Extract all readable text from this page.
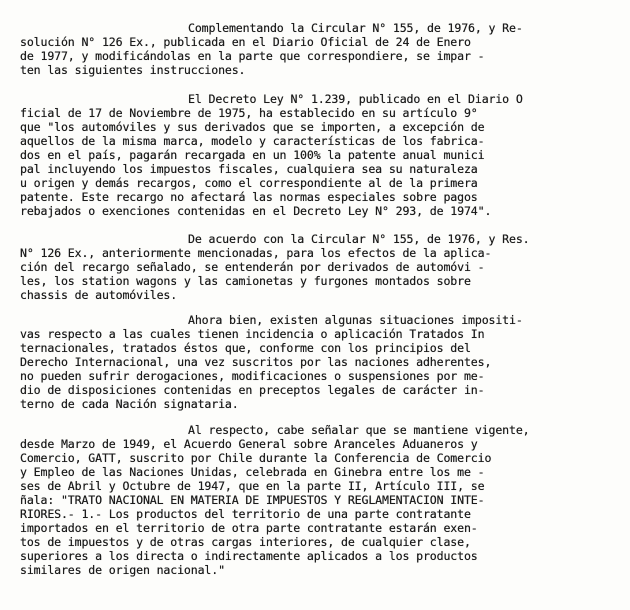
Complementando la Circular N° 155, de 1976, y Re-
solución N° 126 Ex., publicada en el Diario Oficial de 24 de Enero
de 1977, y modificándolas en la parte que correspondiere, se impar -
ten las siguientes instrucciones.
El Decreto Ley N° 1.239, publicado en el Diario O
ficial de 17 de Noviembre de 1975, ha establecido en su artículo 9°
que "los automóviles y sus derivados que se importen, a excepción de
aquellos de la misma marca, modelo y características de los fabrica-
dos en el país, pagarán recargada en un 100% la patente anual munici
pal incluyendo los impuestos fiscales, cualquiera sea su naturaleza
u origen y demás recargos, como el correspondiente al de la primera
patente. Este recargo no afectará las normas especiales sobre pagos
rebajados o exenciones contenidas en el Decreto Ley N° 293, de 1974".
De acuerdo con la Circular N° 155, de 1976, y Res.
N° 126 Ex., anteriormente mencionadas, para los efectos de la aplica-
ción del recargo señalado, se entenderán por derivados de automóvi -
les, los station wagons y las camionetas y furgones montados sobre
chassis de automóviles.
Ahora bien, existen algunas situaciones impositi-
vas respecto a las cuales tienen incidencia o aplicación Tratados In
ternacionales, tratados éstos que, conforme con los principios del
Derecho Internacional, una vez suscritos por las naciones adherentes,
no pueden sufrir derogaciones, modificaciones o suspensiones por me-
dio de disposiciones contenidas en preceptos legales de carácter in-
terno de cada Nación signataria.
Al respecto, cabe señalar que se mantiene vigente,
desde Marzo de 1949, el Acuerdo General sobre Aranceles Aduaneros y
Comercio, GATT, suscrito por Chile durante la Conferencia de Comercio
y Empleo de las Naciones Unidas, celebrada en Ginebra entre los me -
ses de Abril y Octubre de 1947, que en la parte II, Artículo III, se
ñala: "TRATO NACIONAL EN MATERIA DE IMPUESTOS Y REGLAMENTACION INTE-
RIORES.- 1.- Los productos del territorio de una parte contratante
importados en el territorio de otra parte contratante estarán exen-
tos de impuestos y de otras cargas interiores, de cualquier clase,
superiores a los directa o indirectamente aplicados a los productos
similares de origen nacional."
